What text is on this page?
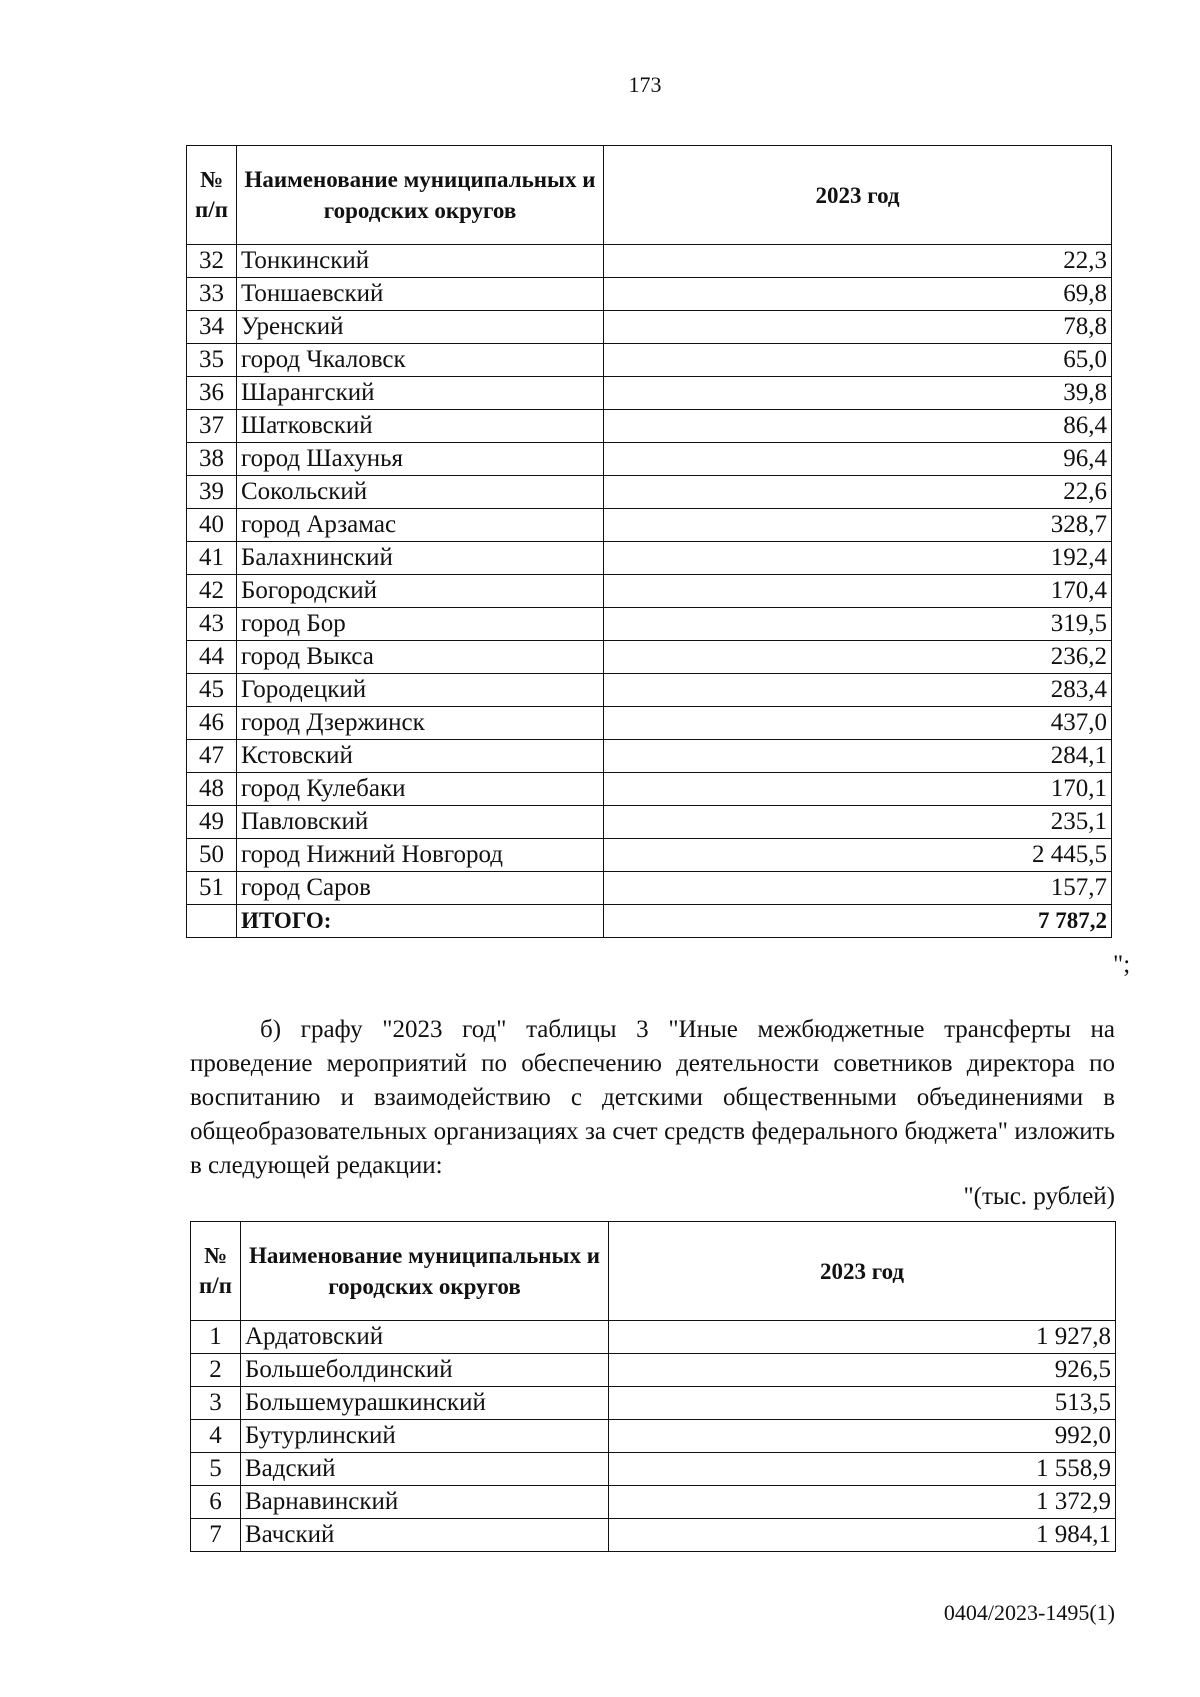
173
№ п/п	Наименование муниципальных и городских округов	2023 год
32	Тонкинский	22,3
33	Тоншаевский	69,8
34	Уренский	78,8
35	город Чкаловск	65,0
36	Шарангский	39,8
37	Шатковский	86,4
38	город Шахунья	96,4
39	Сокольский	22,6
40	город Арзамас	328,7
41	Балахнинский	192,4
42	Богородский	170,4
43	город Бор	319,5
44	город Выкса	236,2
45	Городецкий	283,4
46	город Дзержинск	437,0
47	Кстовский	284,1
48	город Кулебаки	170,1
49	Павловский	235,1
50	город Нижний Новгород	2 445,5
51	город Саров	157,7
	ИТОГО:	7 787,2
";
б) графу "2023 год" таблицы 3 "Иные межбюджетные трансферты на проведение мероприятий по обеспечению деятельности советников директора по воспитанию и взаимодействию с детскими общественными объединениями в общеобразовательных организациях за счет средств федерального бюджета" изложить в следующей редакции:
"(тыс. рублей)
№ п/п	Наименование муниципальных и городских округов	2023 год
1	Ардатовский	1 927,8
2	Большеболдинский	926,5
3	Большемурашкинский	513,5
4	Бутурлинский	992,0
5	Вадский	1 558,9
6	Варнавинский	1 372,9
7	Вачский	1 984,1
0404/2023-1495(1)
